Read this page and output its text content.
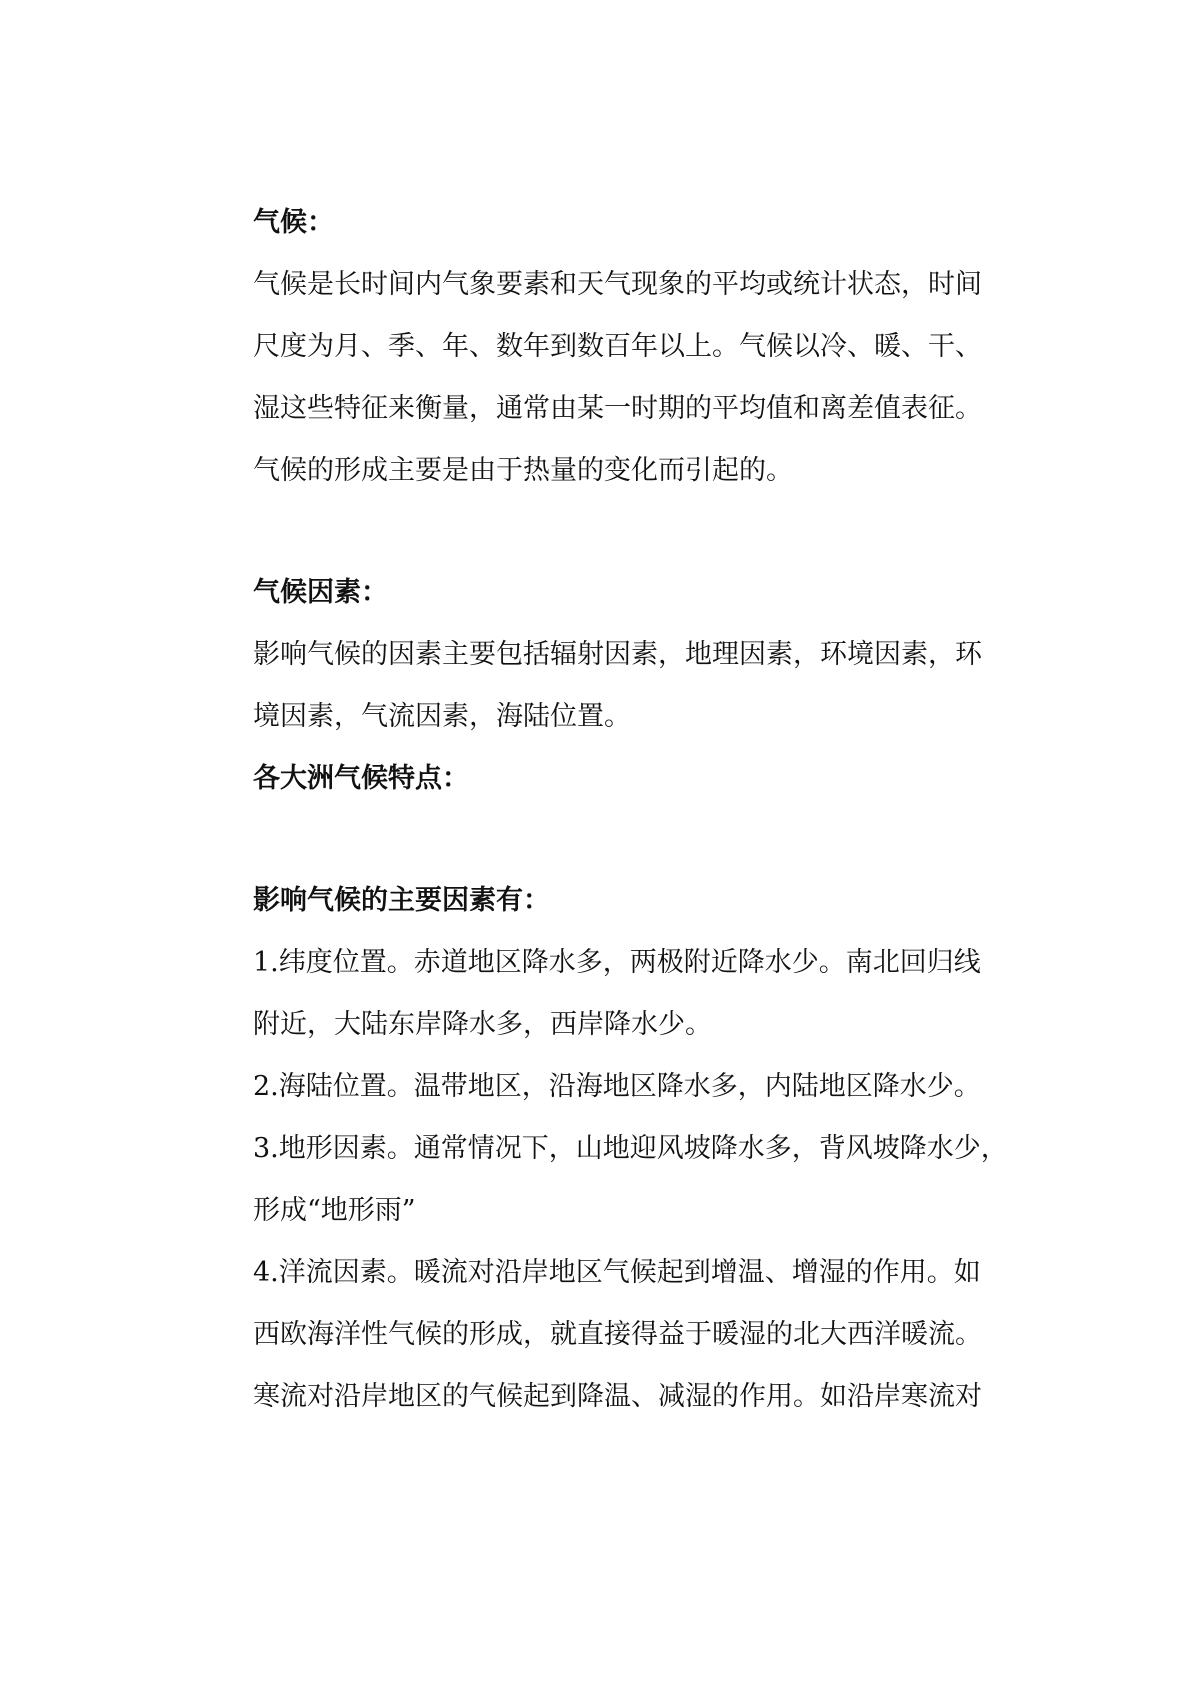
气候：
气候是长时间内气象要素和天气现象的平均或统计状态，时间
尺度为月、季、年、数年到数百年以上。气候以冷、暖、干、
湿这些特征来衡量，通常由某一时期的平均值和离差值表征。
气候的形成主要是由于热量的变化而引起的。
气候因素：
影响气候的因素主要包括辐射因素，地理因素，环境因素，环
境因素，气流因素，海陆位置。
各大洲气候特点：
影响气候的主要因素有：
1.纬度位置。赤道地区降水多，两极附近降水少。南北回归线
附近，大陆东岸降水多，西岸降水少。
2.海陆位置。温带地区，沿海地区降水多，内陆地区降水少。
3.地形因素。通常情况下，山地迎风坡降水多，背风坡降水少，
形成“地形雨”
4.洋流因素。暖流对沿岸地区气候起到增温、增湿的作用。如
西欧海洋性气候的形成，就直接得益于暖湿的北大西洋暖流。
寒流对沿岸地区的气候起到降温、减湿的作用。如沿岸寒流对
